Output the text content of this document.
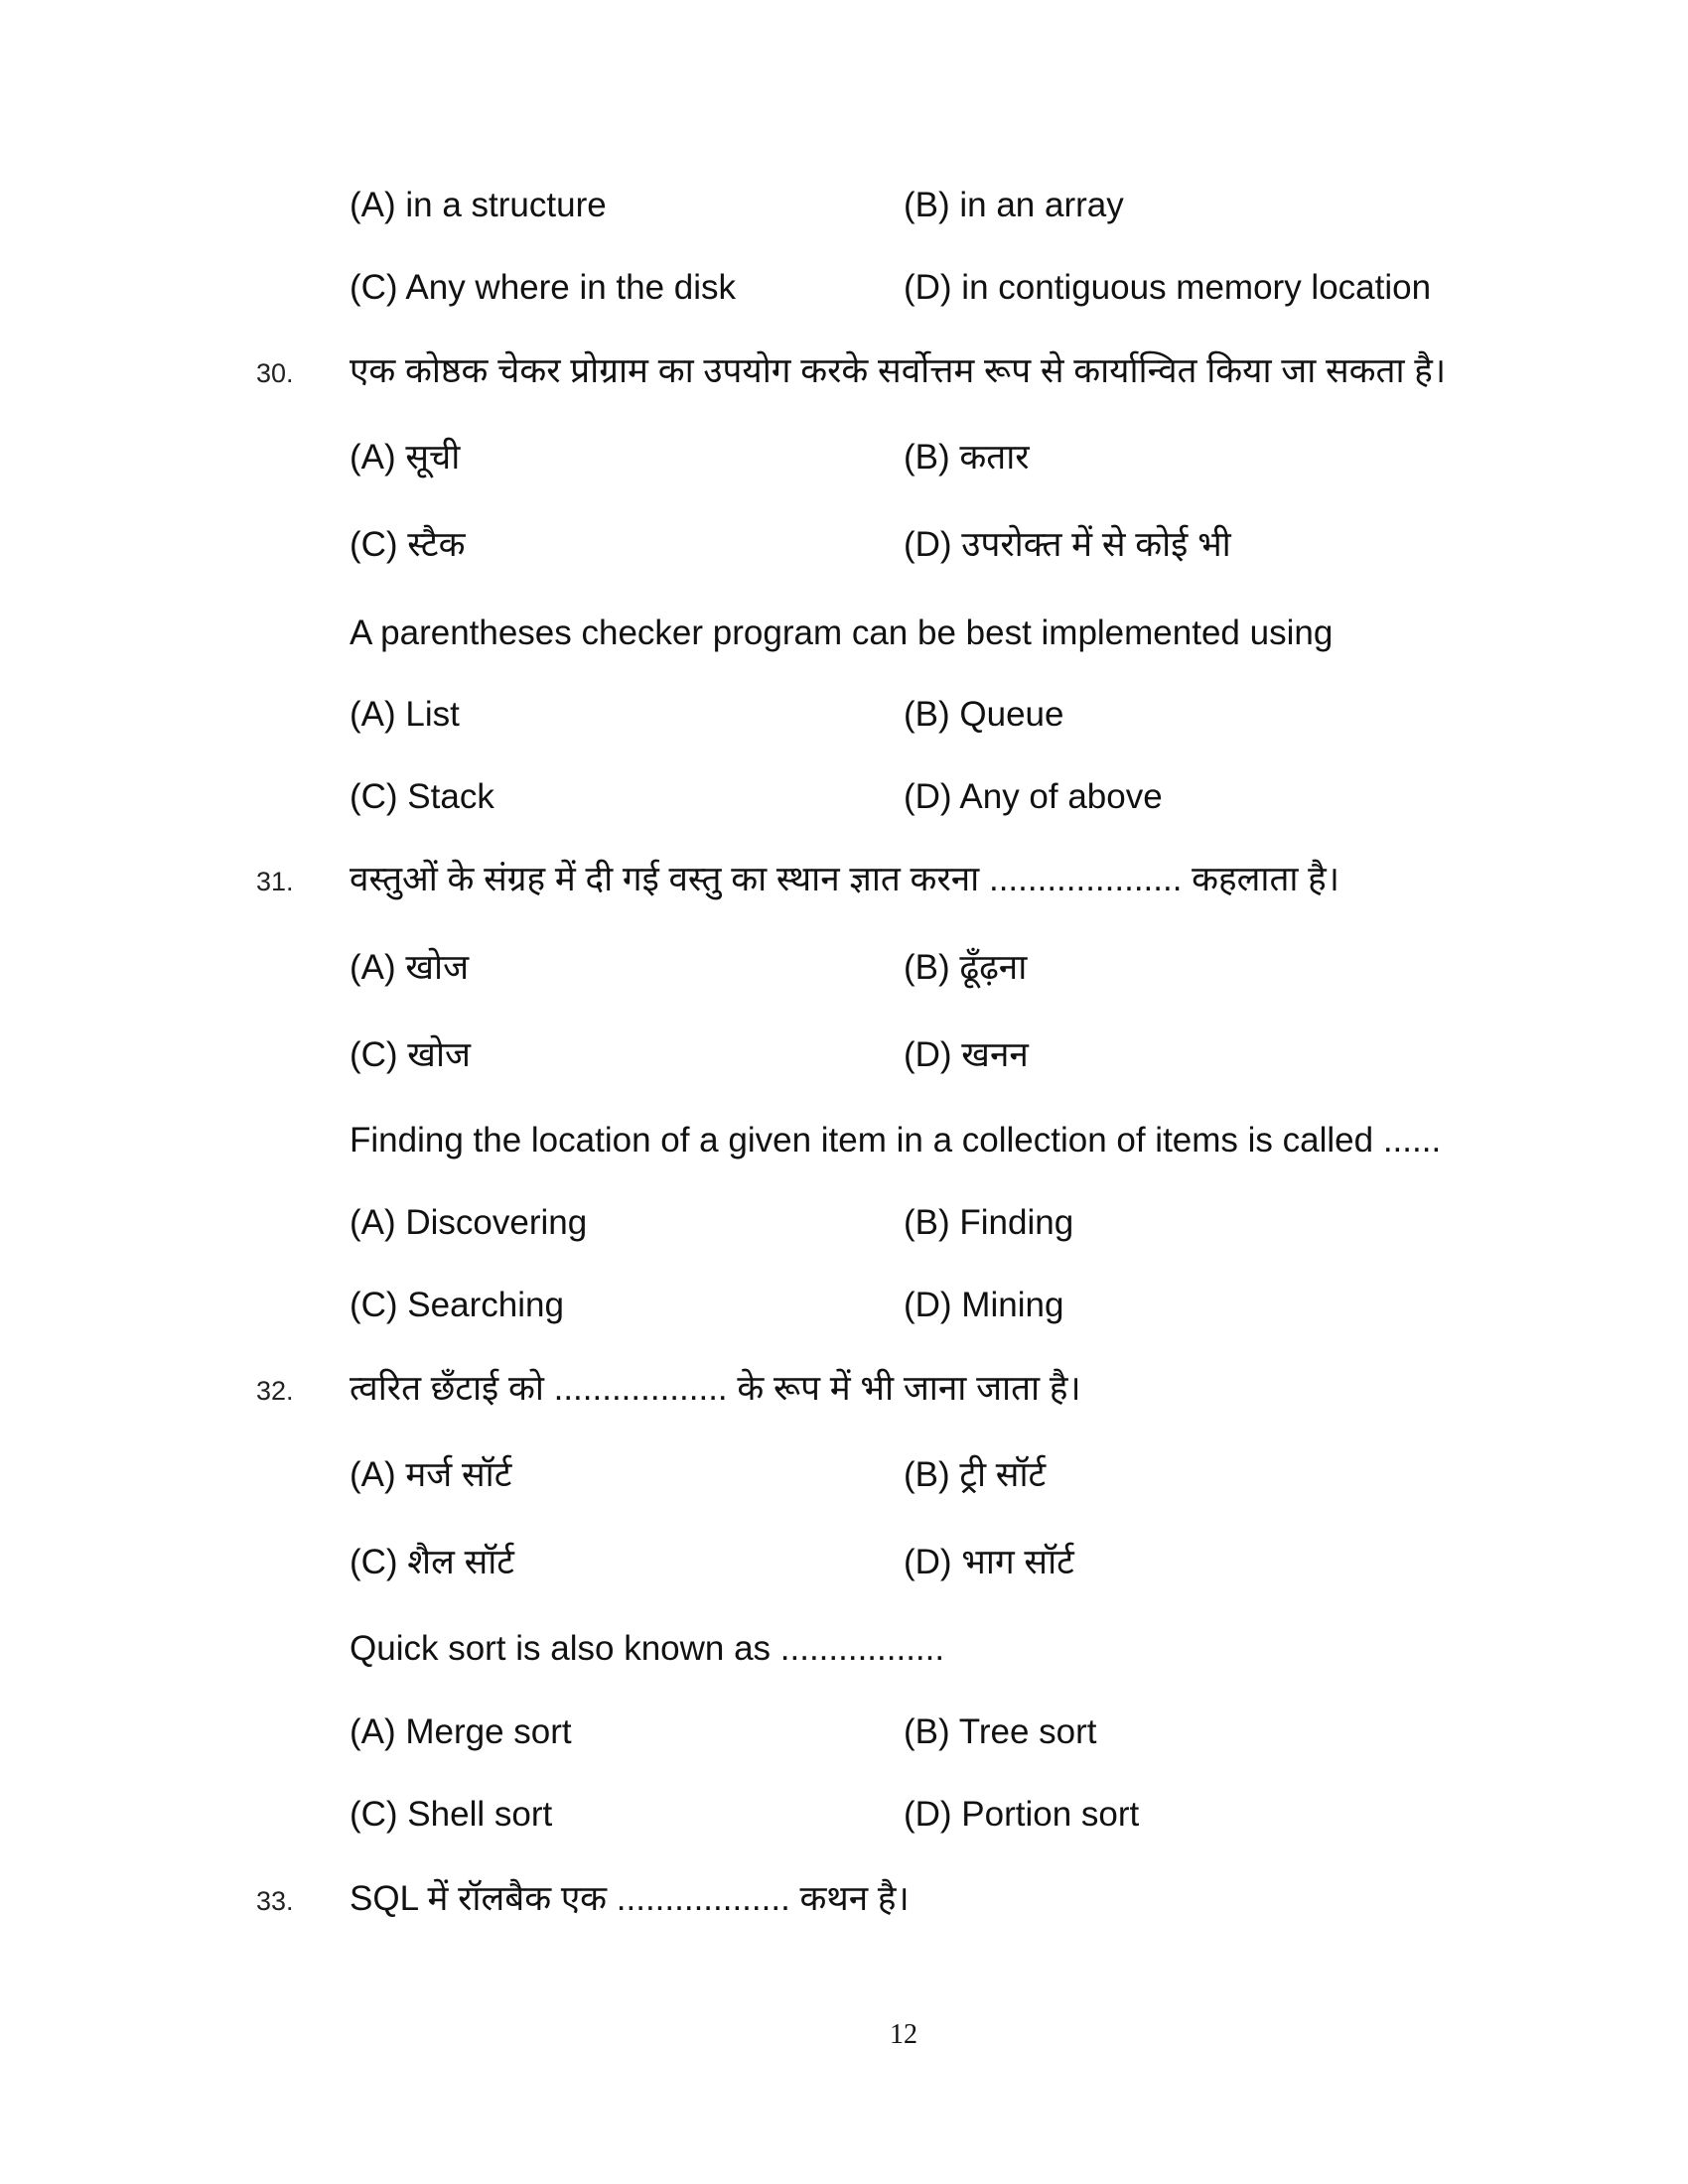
(A) in a structure	(B) in an array
(C) Any where in the disk	(D) in contiguous memory location
30. एक कोष्ठक चेकर प्रोग्राम का उपयोग करके सर्वोत्तम रूप से कार्यान्वित किया जा सकता है।
(A) सूची	(B) कतार
(C) स्टैक	(D) उपरोक्त में से कोई भी
A parentheses checker program can be best implemented using
(A) List	(B) Queue
(C) Stack	(D) Any of above
31. वस्तुओं के संग्रह में दी गई वस्तु का स्थान ज्ञात करना .................... कहलाता है।
(A) खोज	(B) ढूँढ़ना
(C) खोज	(D) खनन
Finding the location of a given item in a collection of items is called ......
(A) Discovering	(B) Finding
(C) Searching	(D) Mining
32. त्वरित छँटाई को .................. के रूप में भी जाना जाता है।
(A) मर्ज सॉर्ट	(B) ट्री सॉर्ट
(C) शैल सॉर्ट	(D) भाग सॉर्ट
Quick sort is also known as .................
(A) Merge sort	(B) Tree sort
(C) Shell sort	(D) Portion sort
33. SQL में रॉलबैक एक .................. कथन है।
12
